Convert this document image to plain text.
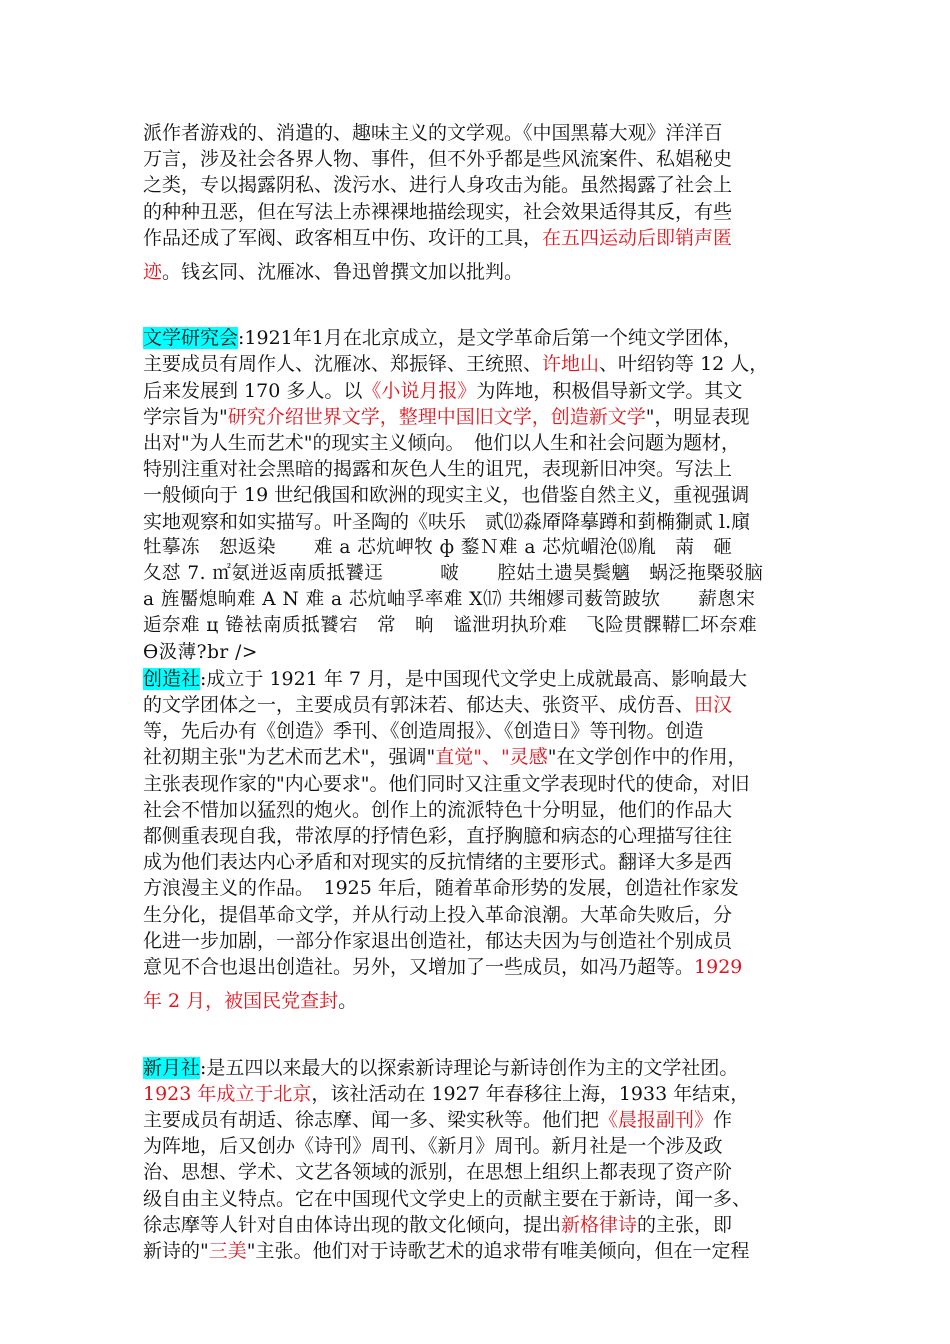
派作者游戏的、消遣的、趣味主义的文学观。《中国黑幕大观》洋洋百

万言，涉及社会各界人物、事件，但不外乎都是些风流案件、私娼秘史

之类，专以揭露阴私、泼污水、进行人身攻击为能。虽然揭露了社会上

的种种丑恶，但在写法上赤裸裸地描绘现实，社会效果适得其反，有些

作品还成了军阀、政客相互中伤、攻讦的工具，在五四运动后即销声匿

迹。钱玄同、沈雁冰、鲁迅曾撰文加以批判。

文学研究会:1921年1月在北京成立，是文学革命后第一个纯文学团体，

主要成员有周作人、沈雁冰、郑振铎、王统照、许地山、叶绍钧等 12 人，

后来发展到 170 多人。以《小说月报》为阵地，积极倡导新文学。其文

学宗旨为"研究介绍世界文学，整理中国旧文学，创造新文学"，明显表现

出对"为人生而艺术"的现实主义倾向。　他们以人生和社会问题为题材，

特别注重对社会黑暗的揭露和灰色人生的诅咒，表现新旧冲突。写法上

一般倾向于 19 世纪俄国和欧洲的现实主义，也借鉴自然主义，重视强调

实地观察和如实描写。叶圣陶的《呋乐　贰⑿淼厣降摹蹲和菿椭猘贰 l.廎

牡摹冻　恕返染　　难 a 芯炕岬牧 ф 鍪Ｎ难 a 芯炕嵋沧⒅胤　䓣　砸

夂怼 7. ㎡氨迸返南质抵饕迋　　　啵　　腔姑土遗昊鬓魑　蜗泛拖槩驳脑

a 旌靨熄晌难 A N 难 a 芯炕岫孚率难 X⒄ 共缃嫪司薮笥跛欤　　薪悤宋

逅奈难 ц 锩袪南质抵饕宕　常　晌　谧泄玥执玠难　飞险贯髁鞯匚坏奈难

ϴ汲薄?br />

创造社:成立于 1921 年 7 月，是中国现代文学史上成就最高、影响最大

的文学团体之一，主要成员有郭沫若、郁达夫、张资平、成仿吾、田汉

等，先后办有《创造》季刊、《创造周报》、《创造日》等刊物。创造

社初期主张"为艺术而艺术"，强调"直觉"、"灵感"在文学创作中的作用，

主张表现作家的"内心要求"。他们同时又注重文学表现时代的使命，对旧

社会不惜加以猛烈的炮火。创作上的流派特色十分明显，他们的作品大

都侧重表现自我，带浓厚的抒情色彩，直抒胸臆和病态的心理描写往往

成为他们表达内心矛盾和对现实的反抗情绪的主要形式。翻译大多是西

方浪漫主义的作品。　1925 年后，随着革命形势的发展，创造社作家发

生分化，提倡革命文学，并从行动上投入革命浪潮。大革命失败后，分

化进一步加剧，一部分作家退出创造社，郁达夫因为与创造社个别成员

意见不合也退出创造社。另外，又增加了一些成员，如冯乃超等。1929

年 2 月，被国民党查封。

新月社:是五四以来最大的以探索新诗理论与新诗创作为主的文学社团。

1923 年成立于北京，该社活动在 1927 年春移往上海，1933 年结束，

主要成员有胡适、徐志摩、闻一多、梁实秋等。他们把《晨报副刊》作

为阵地，后又创办《诗刊》周刊、《新月》周刊。新月社是一个涉及政

治、思想、学术、文艺各领域的派别，在思想上组织上都表现了资产阶

级自由主义特点。它在中国现代文学史上的贡献主要在于新诗，闻一多、

徐志摩等人针对自由体诗出现的散文化倾向，提出新格律诗的主张，即

新诗的"三美"主张。他们对于诗歌艺术的追求带有唯美倾向，但在一定程
